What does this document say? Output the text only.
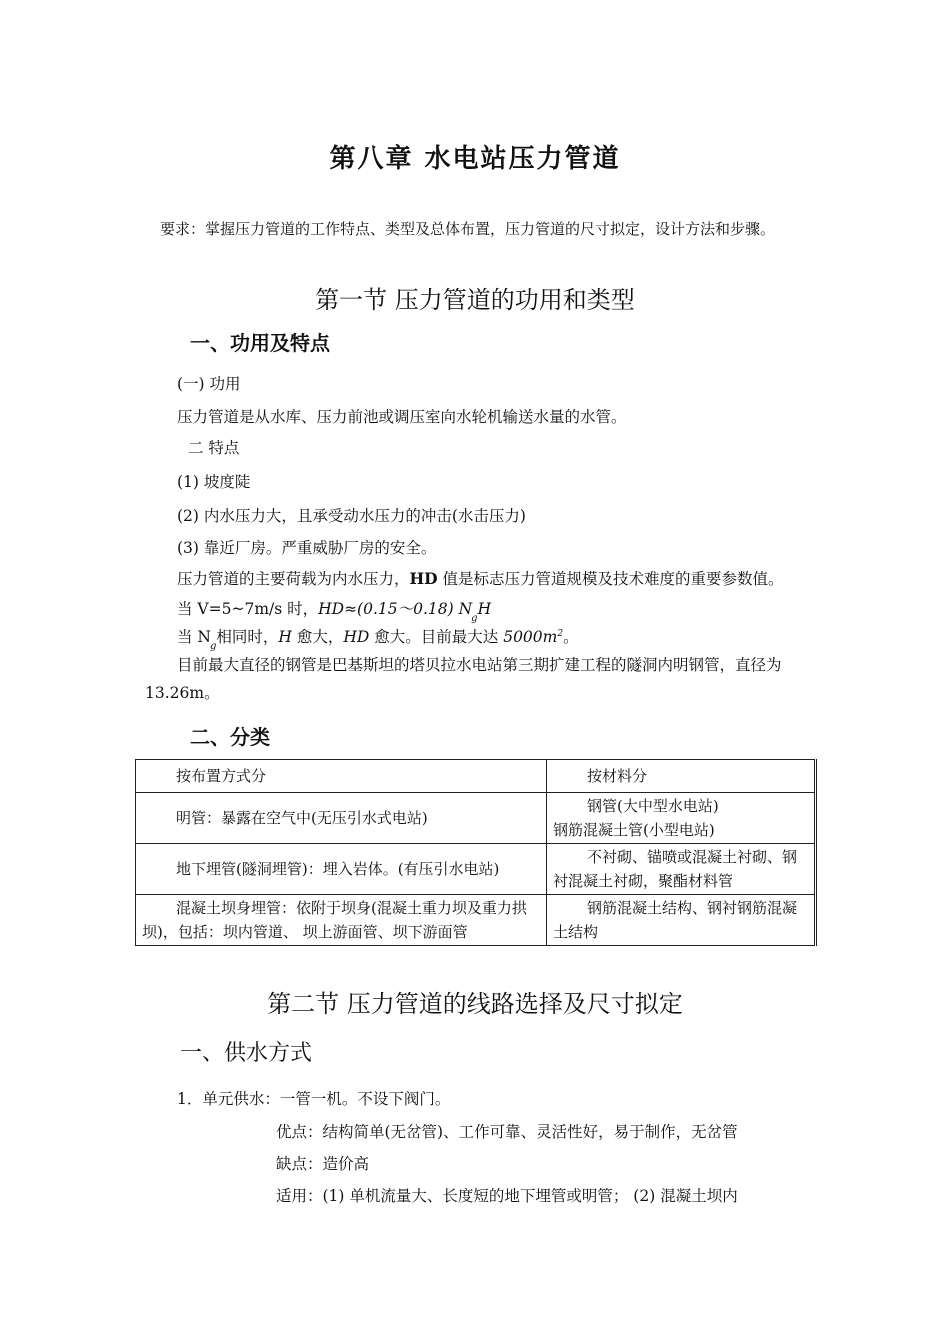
第八章 水电站压力管道
要求：掌握压力管道的工作特点、类型及总体布置，压力管道的尺寸拟定，设计方法和步骤。
第一节 压力管道的功用和类型
一、功用及特点
(一) 功用
压力管道是从水库、压力前池或调压室向水轮机输送水量的水管。
二 特点
(1) 坡度陡
(2) 内水压力大，且承受动水压力的冲击(水击压力)
(3) 靠近厂房。严重威胁厂房的安全。
压力管道的主要荷载为内水压力，HD 值是标志压力管道规模及技术难度的重要参数值。
当 V=5~7m/s 时，HD≈(0.15～0.18) $N_gH$
当 $N_g$相同时，H 愈大，HD 愈大。目前最大达 $5000m^2$。
目前最大直径的钢管是巴基斯坦的塔贝拉水电站第三期扩建工程的隧洞内明钢管，直径为 13.26m。
二、分类
按布置方式分	按材料分
明管：暴露在空气中(无压引水式电站)	钢管(大中型水电站)
钢筋混凝土管(小型电站)
地下埋管(隧洞埋管)：埋入岩体。(有压引水电站)	不衬砌、锚喷或混凝土衬砌、钢衬混凝土衬砌，聚酯材料管
混凝土坝身埋管：依附于坝身(混凝土重力坝及重力拱坝)，包括：坝内管道、 坝上游面管、坝下游面管	钢筋混凝土结构、钢衬钢筋混凝土结构
第二节 压力管道的线路选择及尺寸拟定
一、供水方式
1．单元供水：一管一机。不设下阀门。
优点：结构简单(无岔管)、工作可靠、灵活性好，易于制作，无岔管
缺点：造价高
适用：(1) 单机流量大、长度短的地下埋管或明管； (2) 混凝土坝内
